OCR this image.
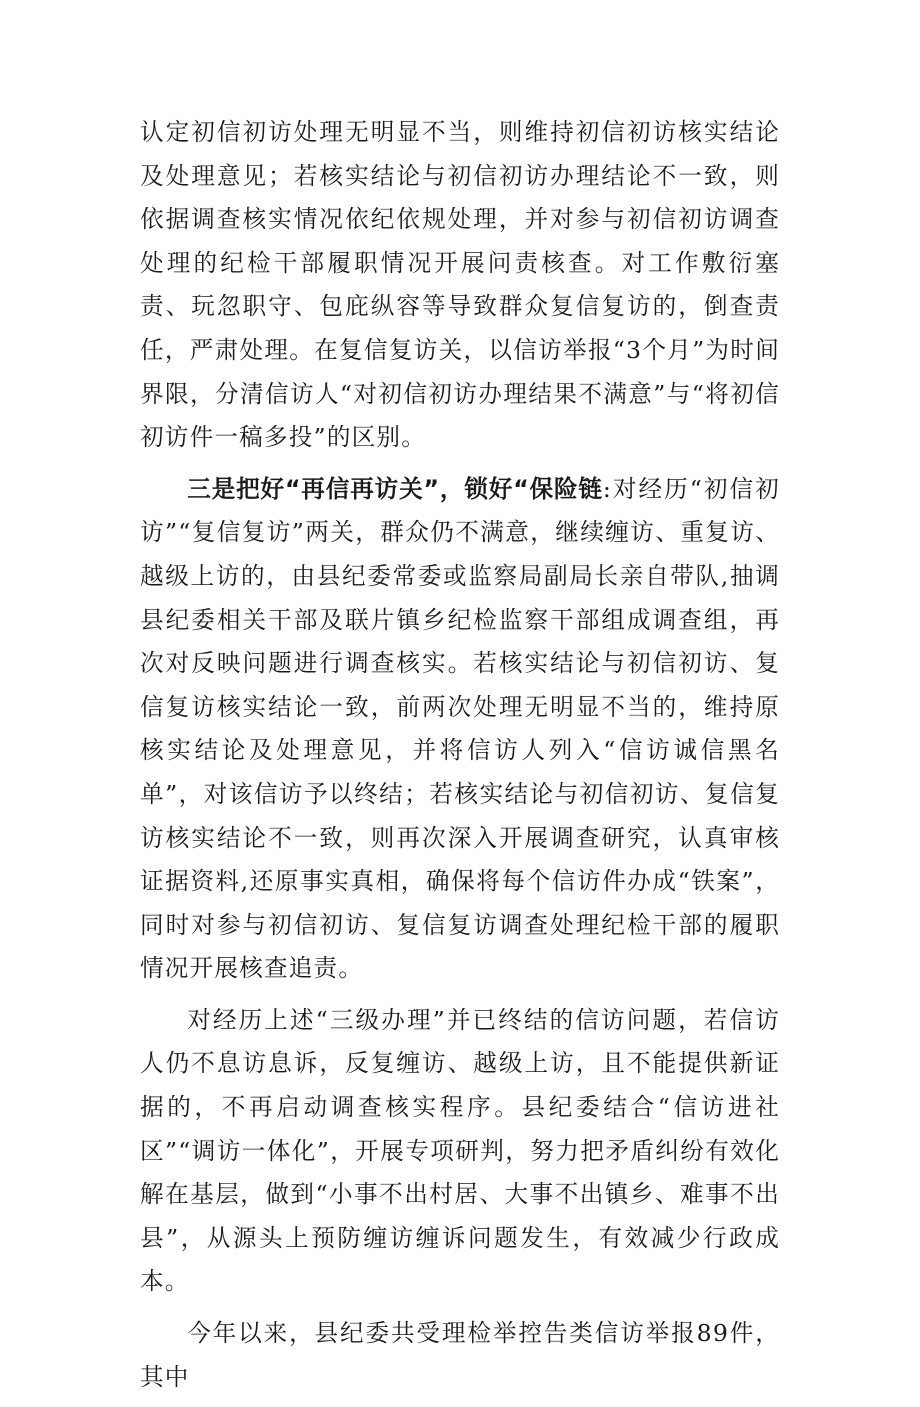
认定初信初访处理无明显不当，则维持初信初访核实结论及处理意见；若核实结论与初信初访办理结论不一致，则依据调查核实情况依纪依规处理，并对参与初信初访调查处理的纪检干部履职情况开展问责核查。对工作敷衍塞责、玩忽职守、包庇纵容等导致群众复信复访的，倒查责任，严肃处理。在复信复访关，以信访举报“3个月”为时间界限，分清信访人“对初信初访办理结果不满意”与“将初信初访件一稿多投”的区别。

三是把好“再信再访关”，锁好“保险链:对经历“初信初访”“复信复访”两关，群众仍不满意，继续缠访、重复访、越级上访的，由县纪委常委或监察局副局长亲自带队,抽调县纪委相关干部及联片镇乡纪检监察干部组成调查组，再次对反映问题进行调查核实。若核实结论与初信初访、复信复访核实结论一致，前两次处理无明显不当的，维持原核实结论及处理意见，并将信访人列入“信访诚信黑名单”，对该信访予以终结；若核实结论与初信初访、复信复访核实结论不一致，则再次深入开展调查研究，认真审核证据资料,还原事实真相，确保将每个信访件办成“铁案”，同时对参与初信初访、复信复访调查处理纪检干部的履职情况开展核查追责。

对经历上述“三级办理”并已终结的信访问题，若信访人仍不息访息诉，反复缠访、越级上访，且不能提供新证据的，不再启动调查核实程序。县纪委结合“信访进社区”“调访一体化”，开展专项研判，努力把矛盾纠纷有效化解在基层，做到“小事不出村居、大事不出镇乡、难事不出县”，从源头上预防缠访缠诉问题发生，有效减少行政成本。

今年以来，县纪委共受理检举控告类信访举报89件，其中
